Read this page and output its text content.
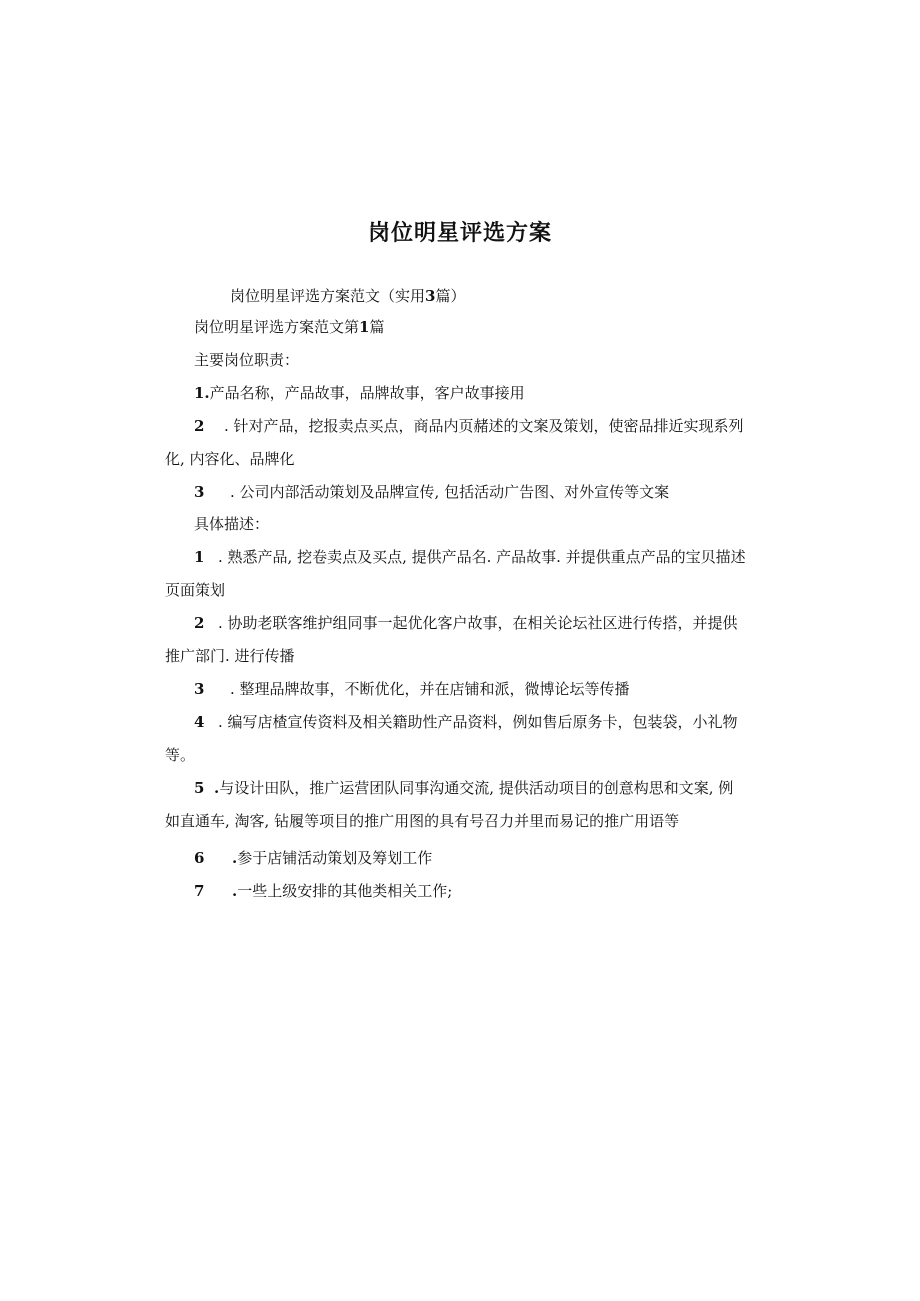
岗位明星评选方案
岗位明星评选方案范文（实用3篇）
岗位明星评选方案范文第1篇
主要岗位职责：
1.产品名称，产品故事，品牌故事，客户故事接用
2 . 针对产品，挖报卖点买点，商品内页赭述的文案及策划，使密品排近实现系列
化, 内容化、品牌化
3 . 公司内部活动策划及品牌宣传, 包括活动广告图、对外宣传等文案
具体描述：
1 . 熟悉产品, 挖卷卖点及买点, 提供产品名. 产品故事. 并提供重点产品的宝贝描述
页面策划
2 . 协助老联客维护组同事一起优化客户故事，在相关论坛社区进行传搭，并提供
推广部门. 进行传播
3 . 整理品牌故事，不断优化，并在店铺和派，微博论坛等传播
4 . 编写店楂宣传资料及相关籍助性产品资料，例如售后原务卡，包装袋，小礼物
等。
5 .与设计田队，推广运营团队同事沟通交流, 提供活动项目的创意构思和文案, 例
如直通车, 淘客, 钻履等项目的推广用图的具有号召力并里而易记的推广用语等
6 .参于店铺活动策划及筹划工作
7 .一些上级安排的其他类相关工作;
